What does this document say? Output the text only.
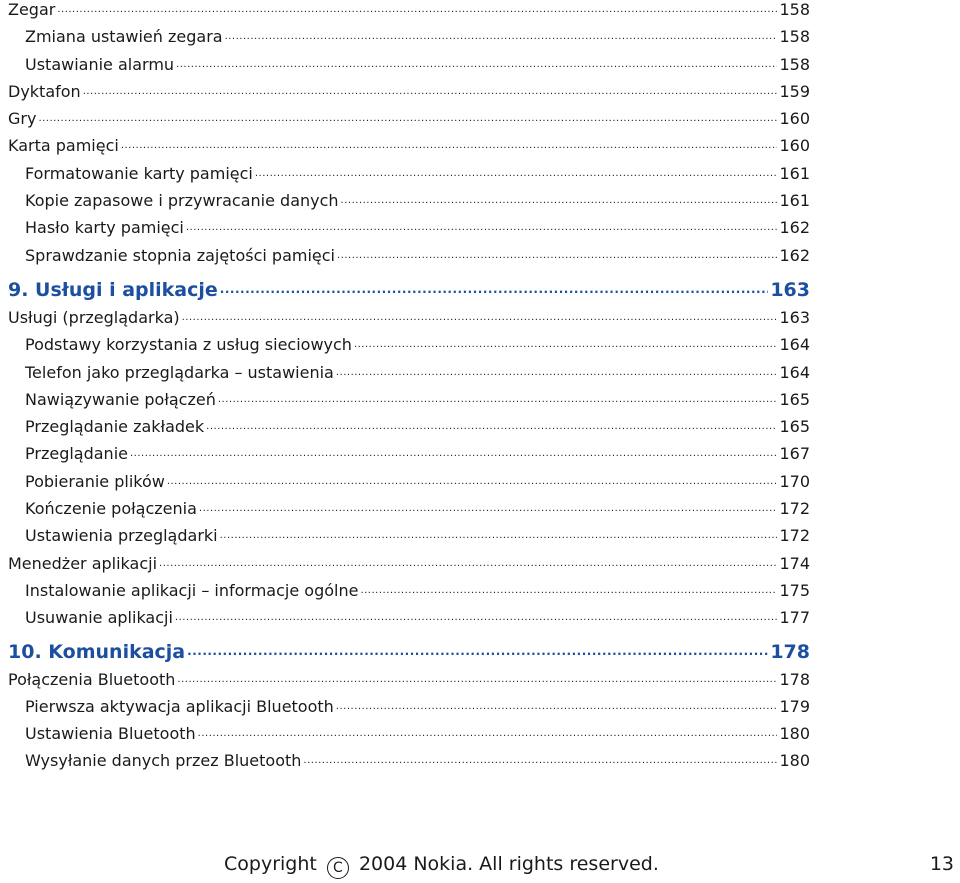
Zegar .....	158
Zmiana ustawień zegara .....	158
Ustawianie alarmu .....	158
Dyktafon .....	159
Gry .....	160
Karta pamięci .....	160
Formatowanie karty pamięci .....	161
Kopie zapasowe i przywracanie danych .....	161
Hasło karty pamięci .....	162
Sprawdzanie stopnia zajętości pamięci .....	162
9. Usługi i aplikacje .....	163
Usługi (przeglądarka) .....	163
Podstawy korzystania z usług sieciowych .....	164
Telefon jako przeglądarka – ustawienia .....	164
Nawiązywanie połączeń .....	165
Przeglądanie zakładek .....	165
Przeglądanie .....	167
Pobieranie plików .....	170
Kończenie połączenia .....	172
Ustawienia przeglądarki .....	172
Menedżer aplikacji .....	174
Instalowanie aplikacji – informacje ogólne .....	175
Usuwanie aplikacji .....	177
10. Komunikacja .....	178
Połączenia Bluetooth .....	178
Pierwsza aktywacja aplikacji Bluetooth .....	179
Ustawienia Bluetooth .....	180
Wysyłanie danych przez Bluetooth .....	180
Copyright C 2004 Nokia. All rights reserved.	13
